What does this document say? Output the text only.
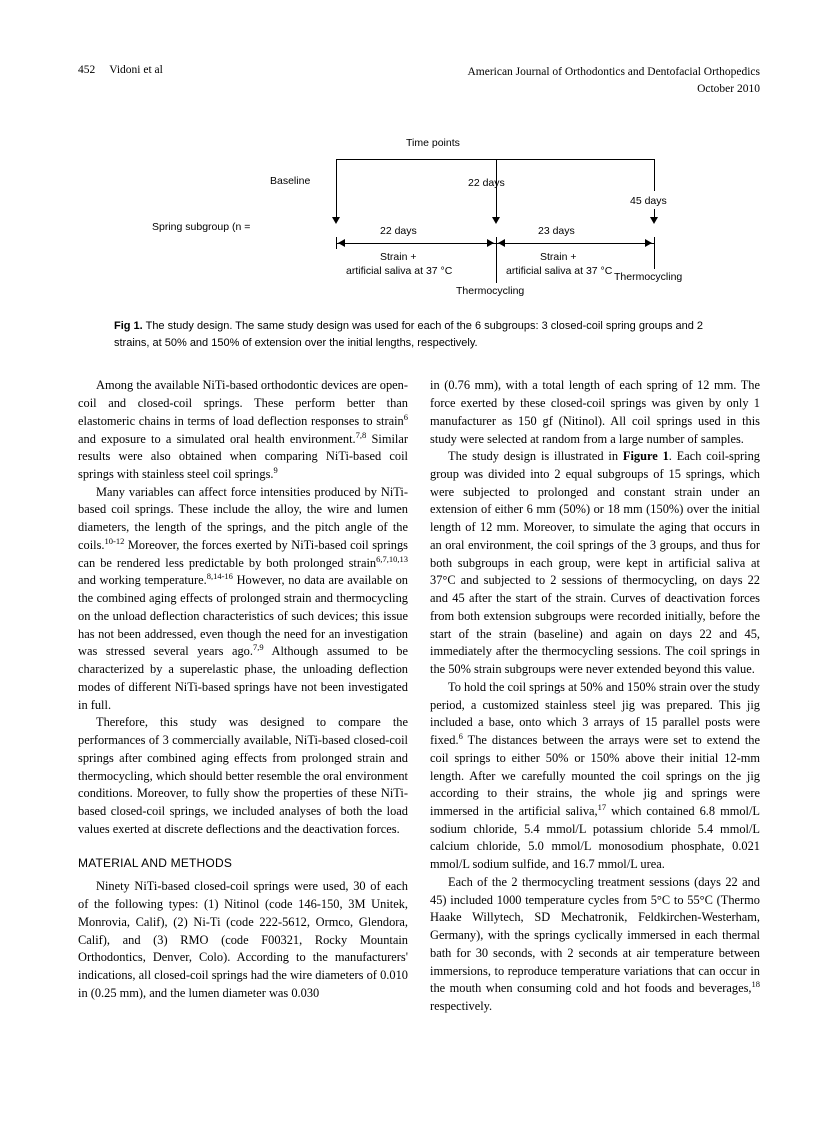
452 Vidoni et al	American Journal of Orthodontics and Dentofacial Orthopedics
October 2010
Time points
Baseline	22 days
45 days
Spring subgroup (n =	22 days	23 days
Strain +
artificial saliva at 37 °C
Strain +
artificial saliva at 37 °C
Thermocycling
Thermocycling
Fig 1. The study design. The same study design was used for each of the 6 subgroups: 3 closed-coil spring groups and 2 strains, at 50% and 150% of extension over the initial lengths, respectively.

Among the available NiTi-based orthodontic devices are open-coil and closed-coil springs. These perform better than elastomeric chains in terms of load deflection responses to strain$^6$ and exposure to a simulated oral health environment.$^{7,8}$ Similar results were also obtained when comparing NiTi-based coil springs with stainless steel coil springs.$^9$

Many variables can affect force intensities produced by NiTi-based coil springs. These include the alloy, the wire and lumen diameters, the length of the springs, and the pitch angle of the coils.$^{10-12}$ Moreover, the forces exerted by NiTi-based coil springs can be rendered less predictable by both prolonged strain$^{6,7,10,13}$ and working temperature.$^{8,14-16}$ However, no data are available on the combined aging effects of prolonged strain and thermocycling on the unload deflection characteristics of such devices; this issue has not been addressed, even though the need for an investigation was stressed several years ago.$^{7,9}$ Although assumed to be characterized by a superelastic phase, the unloading deflection modes of different NiTi-based springs have not been investigated in full.

Therefore, this study was designed to compare the performances of 3 commercially available, NiTi-based closed-coil springs after combined aging effects from prolonged strain and thermocycling, which should better resemble the oral environment conditions. Moreover, to fully show the properties of these NiTi-based closed-coil springs, we included analyses of both the load values exerted at discrete deflections and the deactivation forces.

MATERIAL AND METHODS

Ninety NiTi-based closed-coil springs were used, 30 of each of the following types: (1) Nitinol (code 146-150, 3M Unitek, Monrovia, Calif), (2) Ni-Ti (code 222-5612, Ormco, Glendora, Calif), and (3) RMO (code F00321, Rocky Mountain Orthodontics, Denver, Colo). According to the manufacturers' indications, all closed-coil springs had the wire diameters of 0.010 in (0.25 mm), and the lumen diameter was 0.030

in (0.76 mm), with a total length of each spring of 12 mm. The force exerted by these closed-coil springs was given by only 1 manufacturer as 150 gf (Nitinol). All coil springs used in this study were selected at random from a large number of samples.

The study design is illustrated in Figure 1. Each coil-spring group was divided into 2 equal subgroups of 15 springs, which were subjected to prolonged and constant strain under an extension of either 6 mm (50%) or 18 mm (150%) over the initial length of 12 mm. Moreover, to simulate the aging that occurs in an oral environment, the coil springs of the 3 groups, and thus for both subgroups in each group, were kept in artificial saliva at 37°C and subjected to 2 sessions of thermocycling, on days 22 and 45 after the start of the strain. Curves of deactivation forces from both extension subgroups were recorded initially, before the start of the strain (baseline) and again on days 22 and 45, immediately after the thermocycling sessions. The coil springs in the 50% strain subgroups were never extended beyond this value.

To hold the coil springs at 50% and 150% strain over the study period, a customized stainless steel jig was prepared. This jig included a base, onto which 3 arrays of 15 parallel posts were fixed.$^6$ The distances between the arrays were set to extend the coil springs to either 50% or 150% above their initial 12-mm length. After we carefully mounted the coil springs on the jig according to their strains, the whole jig and springs were immersed in the artificial saliva,$^{17}$ which contained 6.8 mmol/L sodium chloride, 5.4 mmol/L potassium chloride 5.4 mmol/L calcium chloride, 5.0 mmol/L monosodium phosphate, 0.021 mmol/L sodium sulfide, and 16.7 mmol/L urea.

Each of the 2 thermocycling treatment sessions (days 22 and 45) included 1000 temperature cycles from 5°C to 55°C (Thermo Haake Willytech, SD Mechatronik, Feldkirchen-Westerham, Germany), with the springs cyclically immersed in each thermal bath for 30 seconds, with 2 seconds at air temperature between immersions, to reproduce temperature variations that can occur in the mouth when consuming cold and hot foods and beverages,$^{18}$ respectively.
